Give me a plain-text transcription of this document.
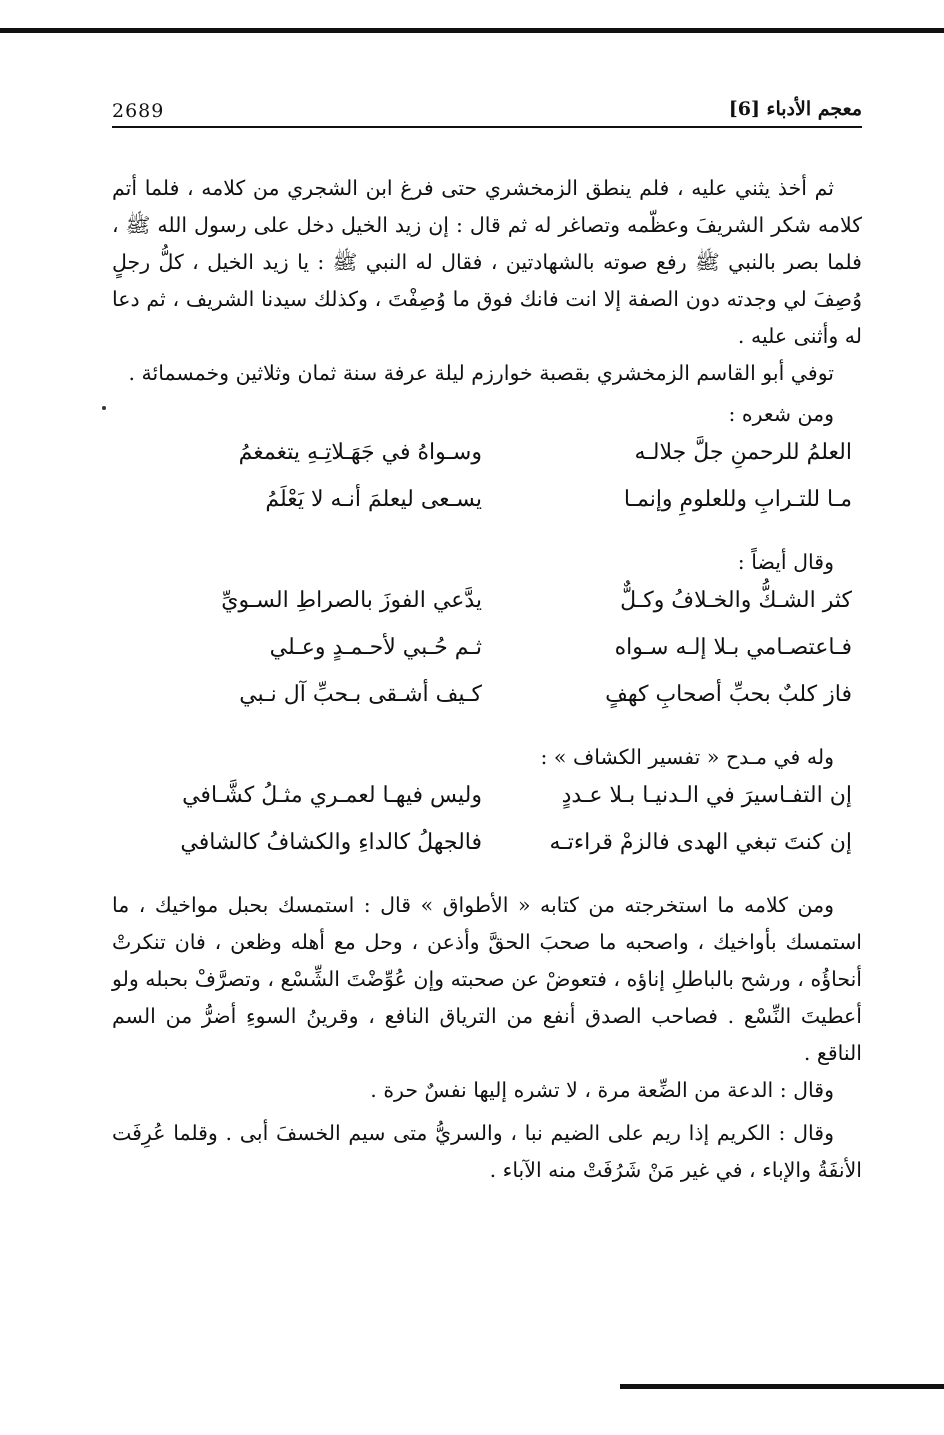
2689	معجم الأدباء [6]

ثم أخذ يثني عليه ، فلم ينطق الزمخشري حتى فرغ ابن الشجري من كلامه ، فلما أتم كلامه شكر الشريفَ وعظّمه وتصاغر له ثم قال : إن زيد الخيل دخل على رسول الله ﷺ ، فلما بصر بالنبي ﷺ رفع صوته بالشهادتين ، فقال له النبي ﷺ : يا زيد الخيل ، كلُّ رجلٍ وُصِفَ لي وجدته دون الصفة إلا انت فانك فوق ما وُصِفْتَ ، وكذلك سيدنا الشريف ، ثم دعا له وأثنى عليه .

توفي أبو القاسم الزمخشري بقصبة خوارزم ليلة عرفة سنة ثمان وثلاثين وخمسمائة .

ومن شعره :
العلمُ للرحمنِ جلَّ جلالـه
وسـواهُ في جَهَـلاتِـهِ يتغمغمُ
مـا للتـرابِ وللعلومِ وإنمـا
يسـعى ليعلمَ أنـه لا يَعْلَمُ
وقال أيضاً :
كثر الشـكُّ والخـلافُ وكـلٌّ
يدَّعي الفوزَ بالصراطِ السـويِّ
فـاعتصـامي بـلا إلـه سـواه
ثـم حُـبي لأحـمـدٍ وعـلي
فاز كلبٌ بحبِّ أصحابِ كهفٍ
كـيف أشـقى بـحبِّ آل نـبي
وله في مـدح « تفسير الكشاف » :
إن التفـاسيرَ في الـدنيـا بـلا عـددٍ
وليس فيهـا لعمـري مثـلُ كشَّـافي
إن كنتَ تبغي الهدى فالزمْ قراءتـه
فالجهلُ كالداءِ والكشافُ كالشافي

ومن كلامه ما استخرجته من كتابه « الأطواق » قال : استمسك بحبل مواخيك ، ما استمسك بأواخيك ، واصحبه ما صحبَ الحقَّ وأذعن ، وحل مع أهله وظعن ، فان تنكرتْ أنحاؤُه ، ورشح بالباطلِ إناؤه ، فتعوضْ عن صحبته وإن عُوِّضْتَ الشِّسْع ، وتصرَّفْ بحبله ولو أعطيتَ النِّسْع . فصاحب الصدق أنفع من الترياق النافع ، وقرينُ السوءِ أضرُّ من السم الناقع .

وقال : الدعة من الضِّعة مرة ، لا تشره إليها نفسٌ حرة .

وقال : الكريم إذا ريم على الضيم نبا ، والسريُّ متى سيم الخسفَ أبى . وقلما عُرِفَت الأنفَةُ والإباء ، في غير مَنْ شَرُفَتْ منه الآباء .
